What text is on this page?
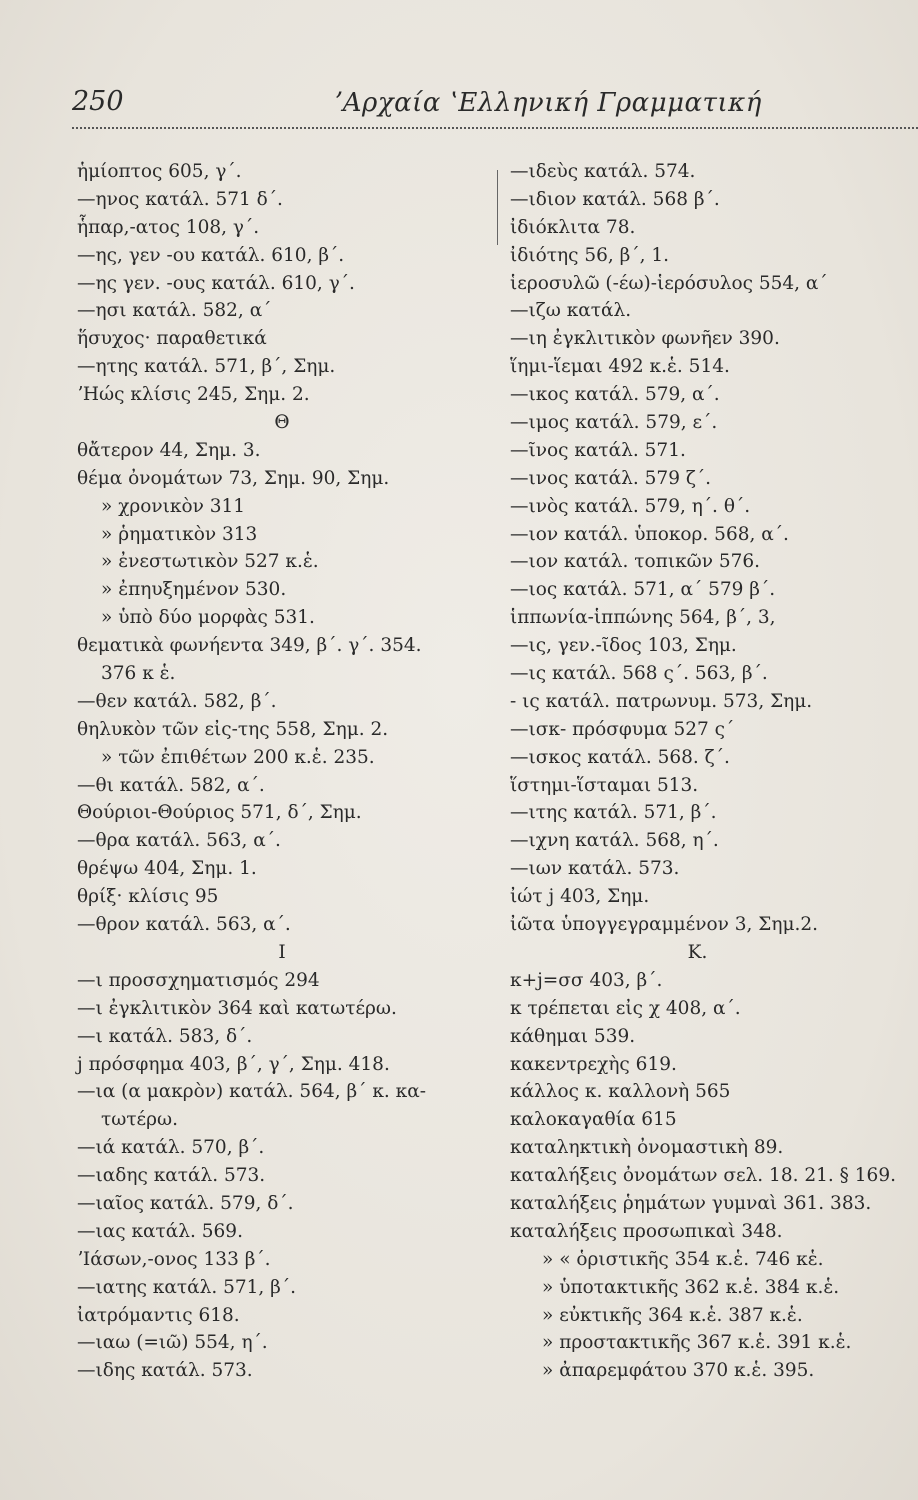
250	ʼΑρχαία ʽΕλληνική Γραμματική
ἡμίοπτος 605, γ΄.
—ηνος κατάλ. 571 δ΄.
ἧπαρ,-ατος 108, γ΄.
—ης, γεν -ου κατάλ. 610, β΄.
—ης γεν. -ους κατάλ. 610, γ΄.
—ησι κατάλ. 582, α΄
ἥσυχος· παραθετικά
—ητης κατάλ. 571, β΄, Σημ.
ʼΗώς κλίσις 245, Σημ. 2.
Θ
θἄτερον 44, Σημ. 3.
θέμα ὀνομάτων 73, Σημ. 90, Σημ.
» χρονικὸν 311
» ῥηματικὸν 313
» ἐνεστωτικὸν 527 κ.ἑ.
» ἐπηυξημένον 530.
» ὑπὸ δύο μορφὰς 531.
θεματικὰ φωνήεντα 349, β΄. γ΄. 354.
376 κ ἑ.
—θεν κατάλ. 582, β΄.
θηλυκὸν τῶν εἰς-της 558, Σημ. 2.
» τῶν ἐπιθέτων 200 κ.ἑ. 235.
—θι κατάλ. 582, α΄.
Θούριοι-Θούριος 571, δ΄, Σημ.
—θρα κατάλ. 563, α΄.
θρέψω 404, Σημ. 1.
θρίξ· κλίσις 95
—θρον κατάλ. 563, α΄.
Ι
—ι προσσχηματισμός 294
—ι ἐγκλιτικὸν 364 καὶ κατωτέρω.
—ι κατάλ. 583, δ΄.
j πρόσφημα 403, β΄, γ΄, Σημ. 418.
—ια (α μακρὸν) κατάλ. 564, β΄ κ. κα-
τωτέρω.
—ιά κατάλ. 570, β΄.
—ιαδης κατάλ. 573.
—ιαῖος κατάλ. 579, δ΄.
—ιας κατάλ. 569.
ʼΙάσων,-ονος 133 β΄.
—ιατης κατάλ. 571, β΄.
ἰατρόμαντις 618.
—ιαω (=ιῶ) 554, η΄.
—ιδης κατάλ. 573.
—ιδεὺς κατάλ. 574.
—ιδιον κατάλ. 568 β΄.
ἰδιόκλιτα 78.
ἰδιότης 56, β΄, 1.
ἱεροσυλῶ (-έω)-ἱερόσυλος 554, α΄
—ιζω κατάλ.
—ιη ἐγκλιτικὸν φωνῆεν 390.
ἵημι-ἵεμαι 492 κ.ἑ. 514.
—ικος κατάλ. 579, α΄.
—ιμος κατάλ. 579, ε΄.
—ῖνος κατάλ. 571.
—ινος κατάλ. 579 ζ΄.
—ινὸς κατάλ. 579, η΄. θ΄.
—ιον κατάλ. ὑποκορ. 568, α΄.
—ιον κατάλ. τοπικῶν 576.
—ιος κατάλ. 571, α΄ 579 β΄.
ἱππωνία-ἱππώνης 564, β΄, 3,
—ις, γεν.-ῖδος 103, Σημ.
—ις κατάλ. 568 ς΄. 563, β΄.
- ις κατάλ. πατρωνυμ. 573, Σημ.
—ισκ- πρόσφυμα 527 ς΄
—ισκος κατάλ. 568. ζ΄.
ἵστημι-ἵσταμαι 513.
—ιτης κατάλ. 571, β΄.
—ιχνη κατάλ. 568, η΄.
—ιων κατάλ. 573.
ἰώτ j 403, Σημ.
ἰῶτα ὑπογγεγραμμένον 3, Σημ.2.
Κ.
κ+j=σσ 403, β΄.
κ τρέπεται εἰς χ 408, α΄.
κάθημαι 539.
κακεντρεχὴς 619.
κάλλος κ. καλλονὴ 565
καλοκαγαθία 615
καταληκτικὴ ὀνομαστικὴ 89.
καταλήξεις ὀνομάτων σελ. 18. 21. § 169.
καταλήξεις ῥημάτων γυμναὶ 361. 383.
καταλήξεις προσωπικαὶ 348.
» « ὁριστικῆς 354 κ.ἑ. 746 κἑ.
» ὑποτακτικῆς 362 κ.ἑ. 384 κ.ἑ.
» εὐκτικῆς 364 κ.ἑ. 387 κ.ἑ.
» προστακτικῆς 367 κ.ἑ. 391 κ.ἑ.
» ἀπαρεμφάτου 370 κ.ἑ. 395.
